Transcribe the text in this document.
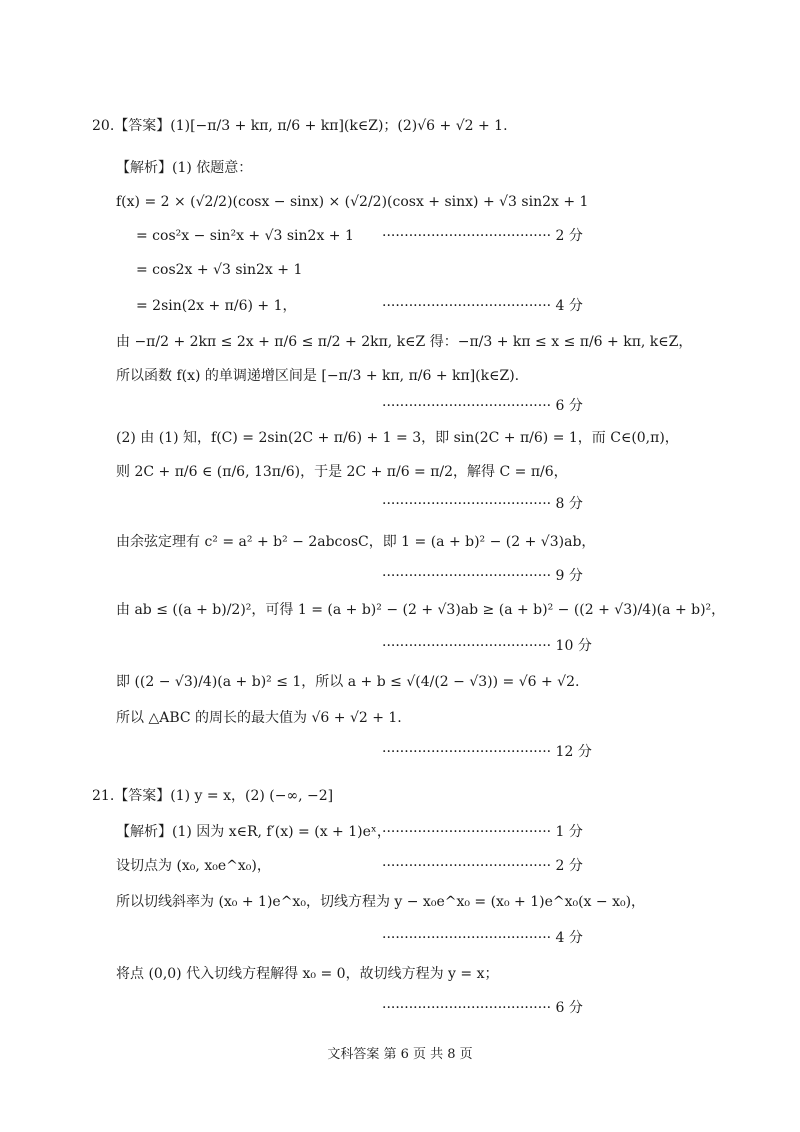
20.【答案】(1)[−π/3 + kπ, π/6 + kπ](k∈Z)；(2)√6 + √2 + 1.
【解析】(1) 依题意：
f(x) = 2 × (√2/2)(cosx − sinx) × (√2/2)(cosx + sinx) + √3 sin2x + 1
= cos²x − sin²x + √3 sin2x + 1 ······································ 2 分
= cos2x + √3 sin2x + 1
= 2sin(2x + π/6) + 1，	······································ 4 分
由 −π/2 + 2kπ ≤ 2x + π/6 ≤ π/2 + 2kπ, k∈Z 得：−π/3 + kπ ≤ x ≤ π/6 + kπ, k∈Z，
所以函数 f(x) 的单调递增区间是 [−π/3 + kπ, π/6 + kπ](k∈Z).
······································ 6 分
(2) 由 (1) 知，f(C) = 2sin(2C + π/6) + 1 = 3，即 sin(2C + π/6) = 1，而 C∈(0,π)，
则 2C + π/6 ∈ (π/6, 13π/6)，于是 2C + π/6 = π/2，解得 C = π/6，
······································ 8 分
由余弦定理有 c² = a² + b² − 2abcosC，即 1 = (a + b)² − (2 + √3)ab，
······································ 9 分
由 ab ≤ ((a + b)/2)²，可得 1 = (a + b)² − (2 + √3)ab ≥ (a + b)² − ((2 + √3)/4)(a + b)²，
······································ 10 分
即 ((2 − √3)/4)(a + b)² ≤ 1，所以 a + b ≤ √(4/(2 − √3)) = √6 + √2.
所以 △ABC 的周长的最大值为 √6 + √2 + 1.
······································ 12 分
21.【答案】(1) y = x，(2) (−∞, −2]
【解析】(1) 因为 x∈R, f′(x) = (x + 1)eˣ，
······································ 1 分
设切点为 (x₀, x₀e^x₀)，	······································ 2 分
所以切线斜率为 (x₀ + 1)e^x₀，切线方程为 y − x₀e^x₀ = (x₀ + 1)e^x₀(x − x₀)，
······································ 4 分
将点 (0,0) 代入切线方程解得 x₀ = 0，故切线方程为 y = x；
······································ 6 分
文科答案 第 6 页 共 8 页
